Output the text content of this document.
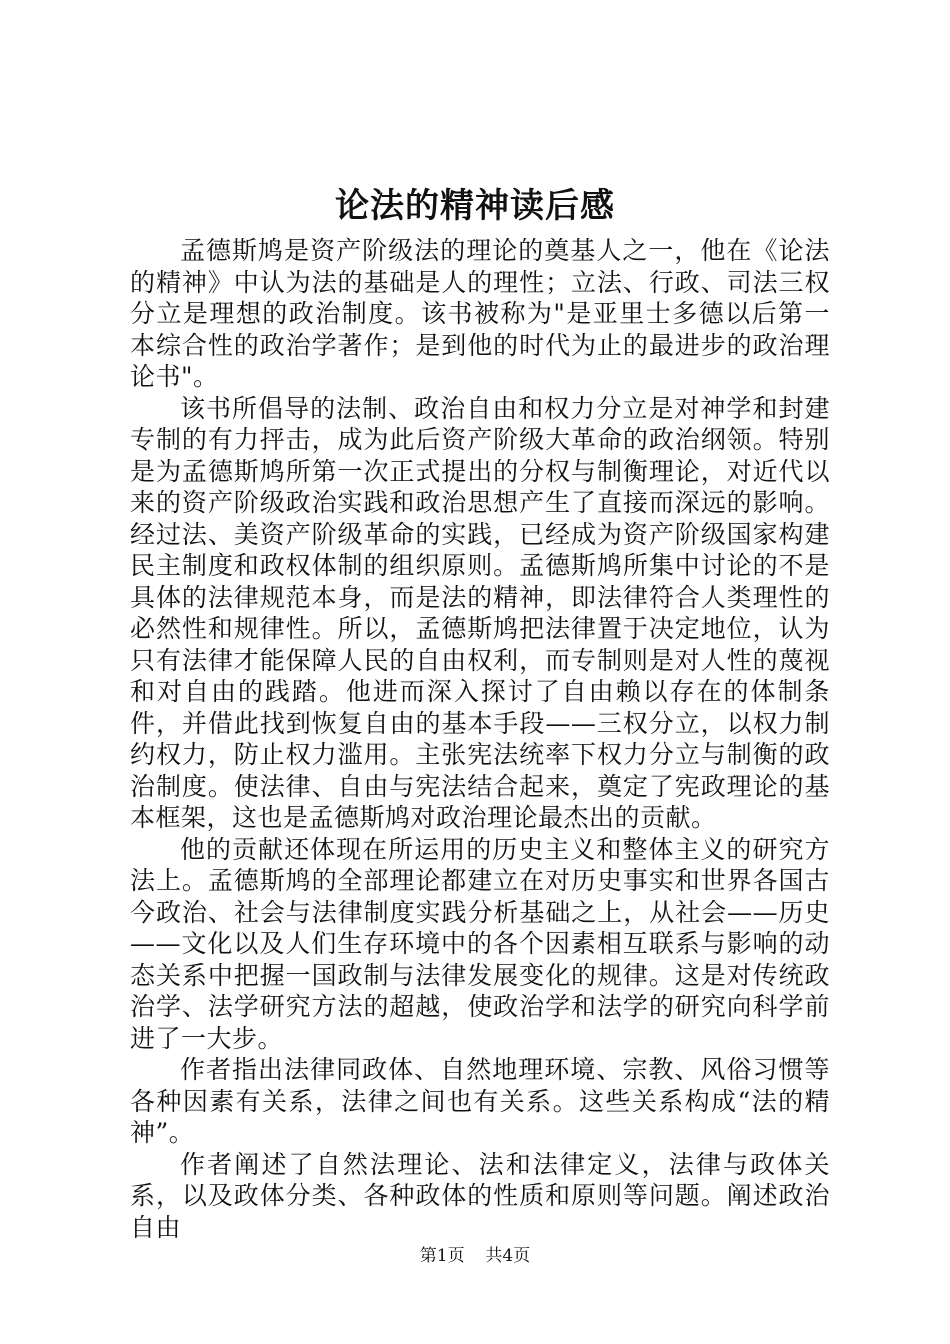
论法的精神读后感

孟德斯鸠是资产阶级法的理论的奠基人之一，他在《论法的精神》中认为法的基础是人的理性；立法、行政、司法三权分立是理想的政治制度。该书被称为"是亚里士多德以后第一本综合性的政治学著作；是到他的时代为止的最进步的政治理论书"。

该书所倡导的法制、政治自由和权力分立是对神学和封建专制的有力抨击，成为此后资产阶级大革命的政治纲领。特别是为孟德斯鸠所第一次正式提出的分权与制衡理论，对近代以来的资产阶级政治实践和政治思想产生了直接而深远的影响。经过法、美资产阶级革命的实践，已经成为资产阶级国家构建民主制度和政权体制的组织原则。孟德斯鸠所集中讨论的不是具体的法律规范本身，而是法的精神，即法律符合人类理性的必然性和规律性。所以，孟德斯鸠把法律置于决定地位，认为只有法律才能保障人民的自由权利，而专制则是对人性的蔑视和对自由的践踏。他进而深入探讨了自由赖以存在的体制条件，并借此找到恢复自由的基本手段——三权分立，以权力制约权力，防止权力滥用。主张宪法统率下权力分立与制衡的政治制度。使法律、自由与宪法结合起来，奠定了宪政理论的基本框架，这也是孟德斯鸠对政治理论最杰出的贡献。

他的贡献还体现在所运用的历史主义和整体主义的研究方法上。孟德斯鸠的全部理论都建立在对历史事实和世界各国古今政治、社会与法律制度实践分析基础之上，从社会——历史——文化以及人们生存环境中的各个因素相互联系与影响的动态关系中把握一国政制与法律发展变化的规律。这是对传统政治学、法学研究方法的超越，使政治学和法学的研究向科学前进了一大步。

作者指出法律同政体、自然地理环境、宗教、风俗习惯等各种因素有关系，法律之间也有关系。这些关系构成“法的精神”。

作者阐述了自然法理论、法和法律定义，法律与政体关系，以及政体分类、各种政体的性质和原则等问题。阐述政治自由

第1页 共4页
